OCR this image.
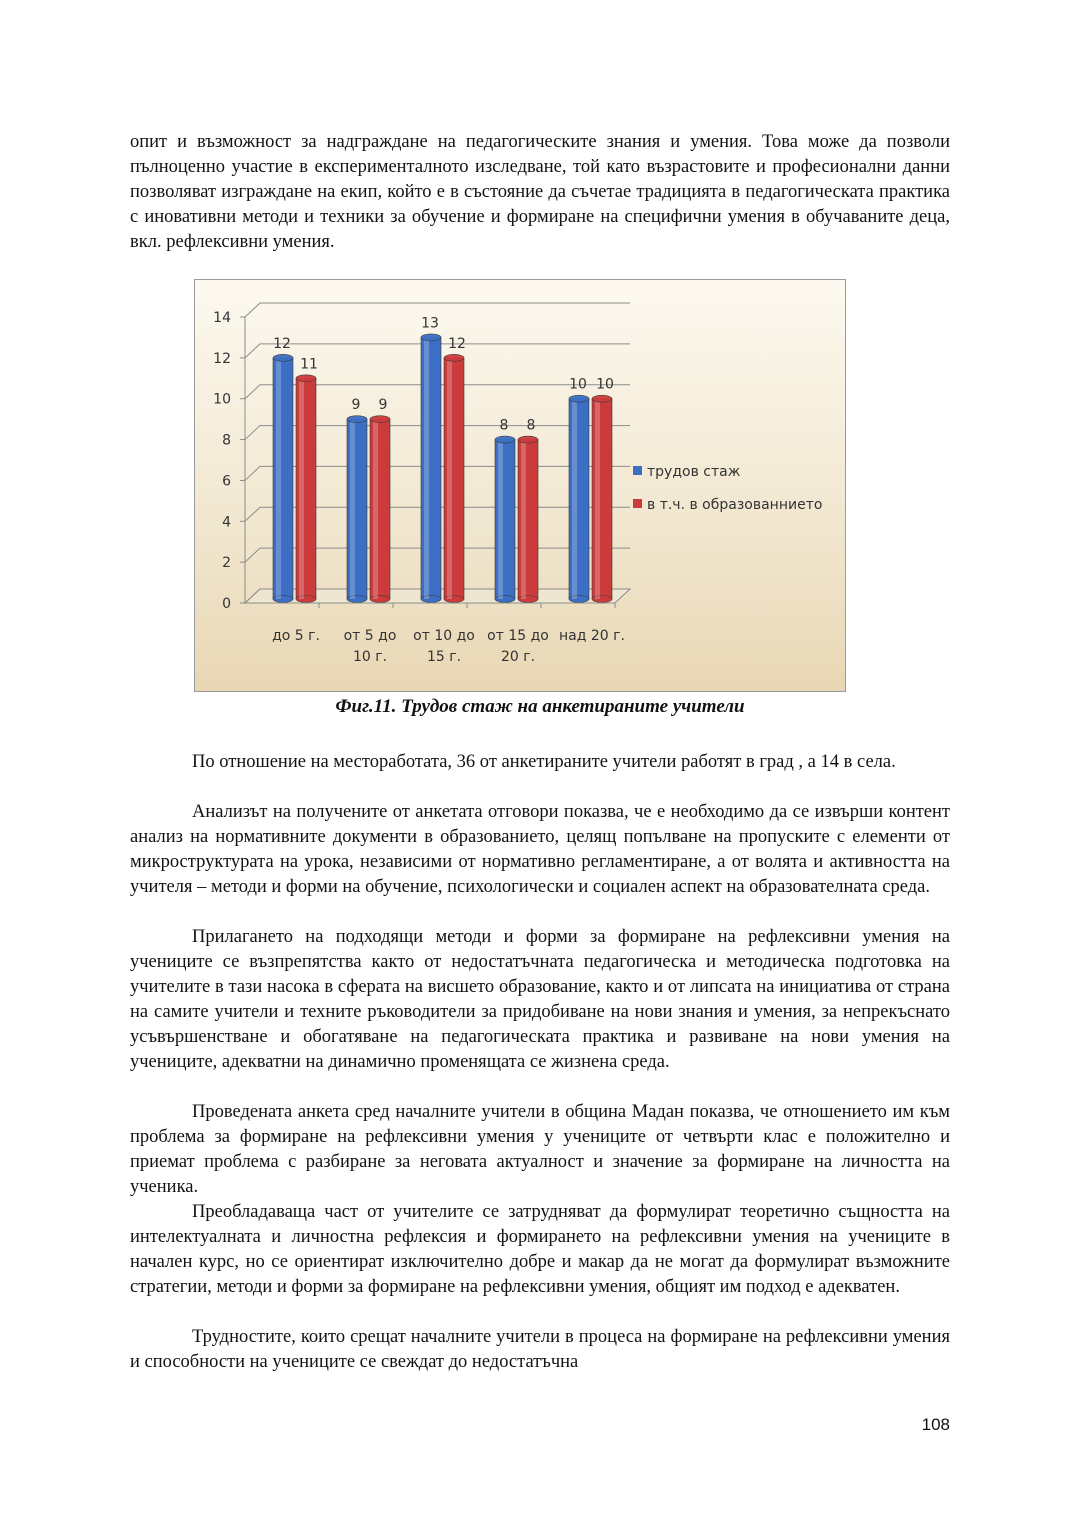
опит и възможност за надграждане на педагогическите знания и умения. Това може да позволи пълноценно участие в експерименталното изследване, той като възрастовите и професионални данни позволяват изграждане на екип, който е в състояние да съчетае традицията в педагогическата практика с иновативни методи и техники за обучение и формиране на специфични умения в обучаваните деца, вкл. рефлексивни умения.

0
2
4
6
8
10
12
14
12
11
до 5 г.
9 9
от 5 до
10 г.
13
12
от 10 до
15 г.
8 8
от 15 до
20 г.
10 10
над 20 г.
трудов стаж
в т.ч. в образованнието

Фиг.11. Трудов стаж на анкетираните учители

По отношение на местоработата, 36 от анкетираните учители работят в град , а 14 в села.

Анализът на получените от анкетата отговори показва, че е необходимо да се извърши контент анализ на нормативните документи в образованието, целящ попълване на пропуските с елементи от микроструктурата на урока, независими от нормативно регламентиране, а от волята и активността на учителя – методи и форми на обучение, психологически и социален аспект на образователната среда.

Прилагането на подходящи методи и форми за формиране на рефлексивни умения на учениците се възпрепятства както от недостатъчната педагогическа и методическа подготовка на учителите в тази насока в сферата на висшето образование, както и от липсата на инициатива от страна на самите учители и техните ръководители за придобиване на нови знания и умения, за непрекъснато усъвършенстване и обогатяване на педагогическата практика и развиване на нови умения на учениците, адекватни на динамично променящата се жизнена среда.

Проведената анкета сред началните учители в община Мадан показва, че отношението им към проблема за формиране на рефлексивни умения у учениците от четвърти клас е положително и приемат проблема с разбиране за неговата актуалност и значение за формиране на личността на ученика.

Преобладаваща част от учителите се затрудняват да формулират теоретично същността на интелектуалната и личностна рефлексия и формирането на рефлексивни умения на учениците в начален курс, но се ориентират изключително добре и макар да не могат да формулират възможните стратегии, методи и форми за формиране на рефлексивни умения, общият им подход е адекватен.

Трудностите, които срещат началните учители в процеса на формиране на рефлексивни умения и способности на учениците се свеждат до недостатъчна

108
